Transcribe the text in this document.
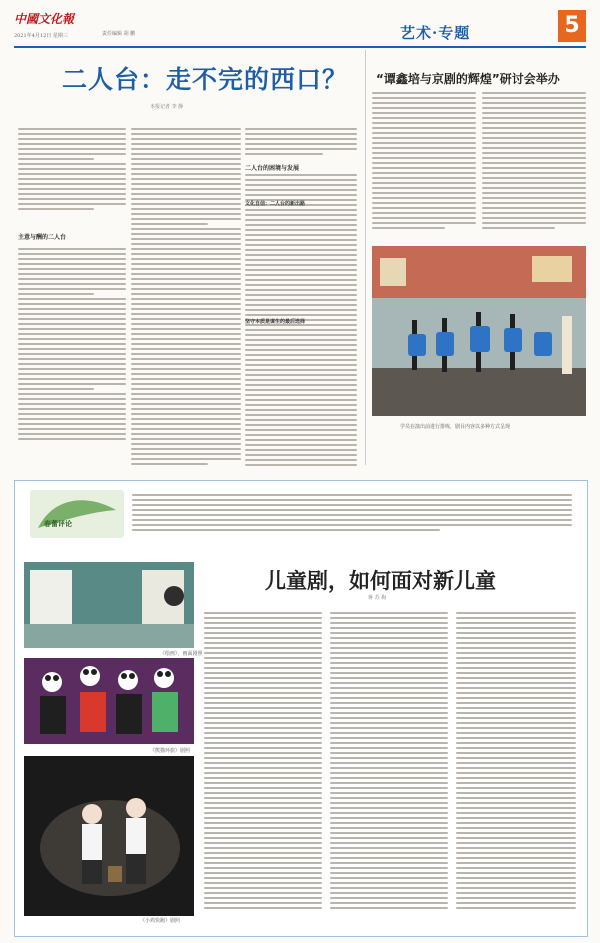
中國文化報
2021年4月12日 星期三	责任编辑 胡 鹏	艺术·专题	5
二人台：走不完的西口？
本报记者 李 静
主意与酬的二人台
二人台的困境与发展
文化自信：二人台的新出路
坚守本质是谋生的最后选择
“谭鑫培与京剧的辉煌”研讨会举办
学员在演出前进行排练，剧目内容以多种方式呈现
春蕾评论
儿童剧，如何面对新儿童
蒋 苏 梅
《绘画》，画面剧照
《熊猫环旅》剧照
《小鸡快跑》剧照
